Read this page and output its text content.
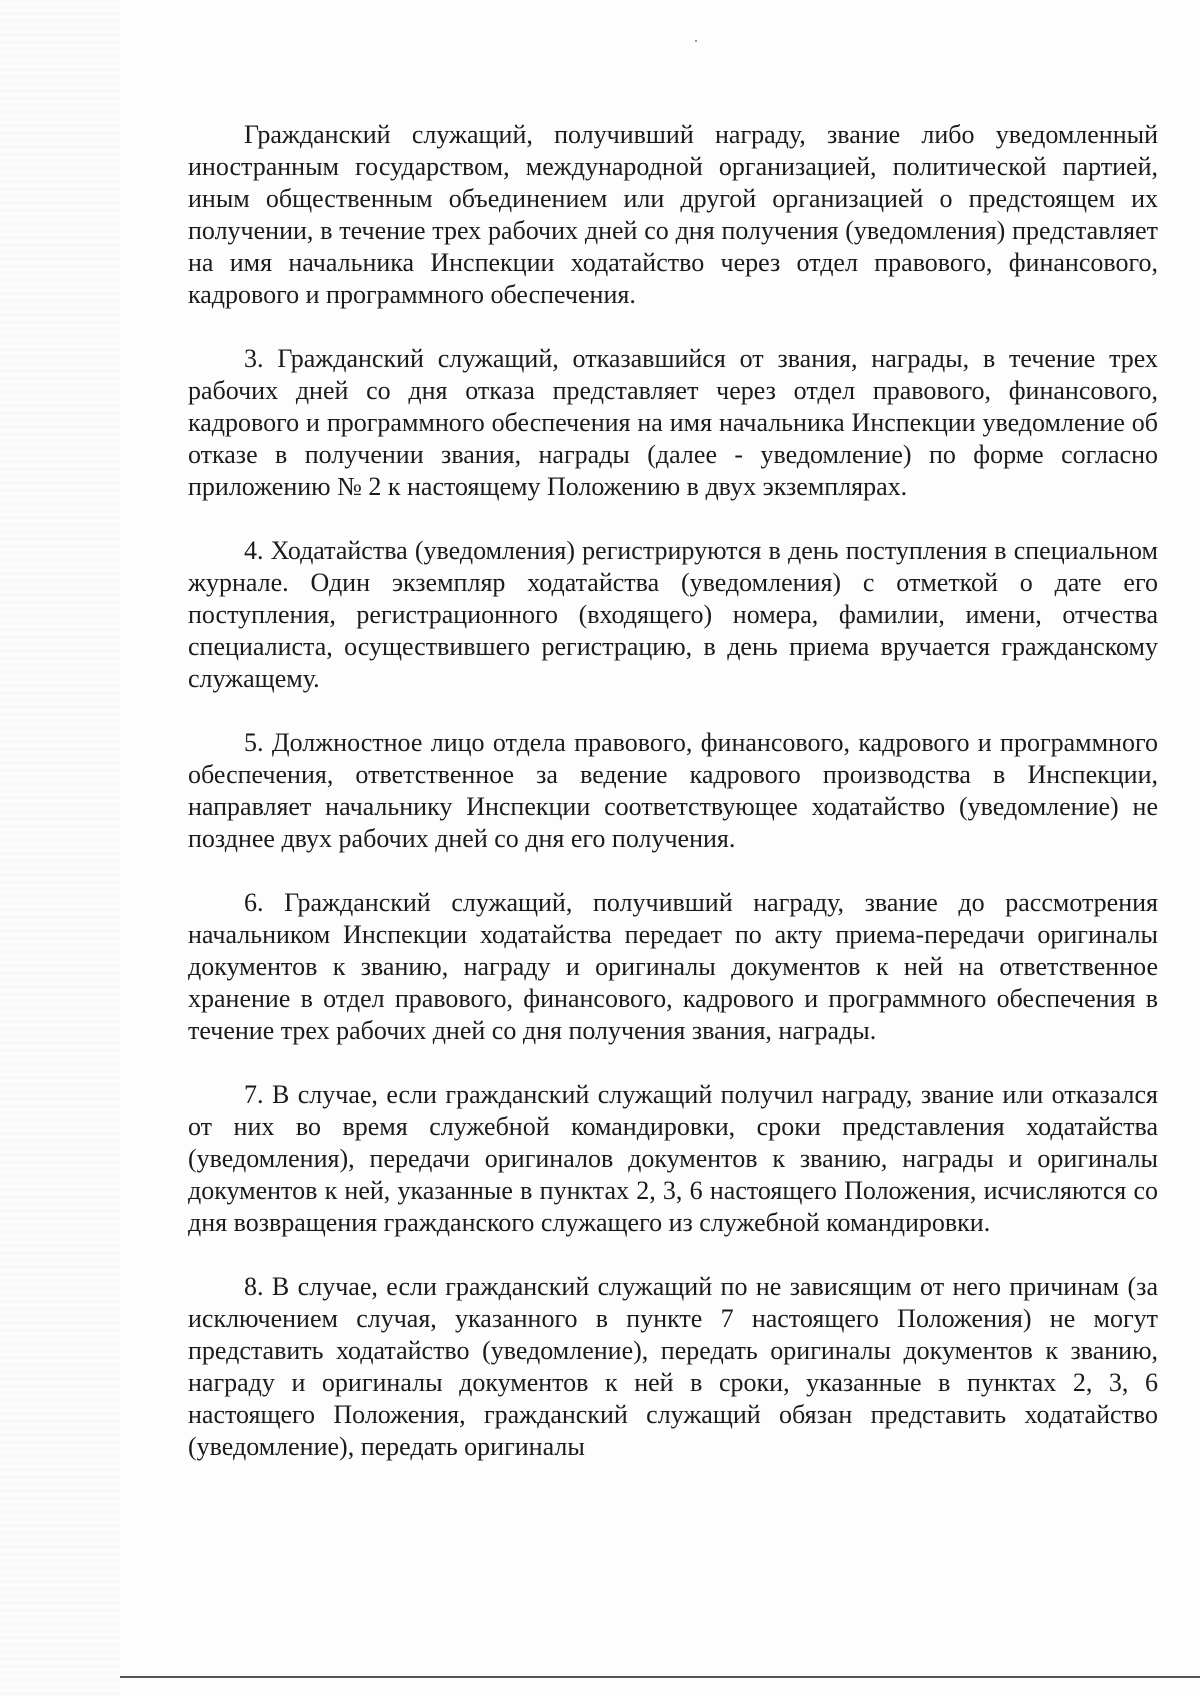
Гражданский служащий, получивший награду, звание либо уведомленный иностранным государством, международной организацией, политической партией, иным общественным объединением или другой организацией о предстоящем их получении, в течение трех рабочих дней со дня получения (уведомления) представляет на имя начальника Инспекции ходатайство через отдел правового, финансового, кадрового и программного обеспечения.

3. Гражданский служащий, отказавшийся от звания, награды, в течение трех рабочих дней со дня отказа представляет через отдел правового, финансового, кадрового и программного обеспечения на имя начальника Инспекции уведомление об отказе в получении звания, награды (далее - уведомление) по форме согласно приложению № 2 к настоящему Положению в двух экземплярах.

4. Ходатайства (уведомления) регистрируются в день поступления в специальном журнале. Один экземпляр ходатайства (уведомления) с отметкой о дате его поступления, регистрационного (входящего) номера, фамилии, имени, отчества специалиста, осуществившего регистрацию, в день приема вручается гражданскому служащему.

5. Должностное лицо отдела правового, финансового, кадрового и программного обеспечения, ответственное за ведение кадрового производства в Инспекции, направляет начальнику Инспекции соответствующее ходатайство (уведомление) не позднее двух рабочих дней со дня его получения.

6. Гражданский служащий, получивший награду, звание до рассмотрения начальником Инспекции ходатайства передает по акту приема-передачи оригиналы документов к званию, награду и оригиналы документов к ней на ответственное хранение в отдел правового, финансового, кадрового и программного обеспечения в течение трех рабочих дней со дня получения звания, награды.

7. В случае, если гражданский служащий получил награду, звание или отказался от них во время служебной командировки, сроки представления ходатайства (уведомления), передачи оригиналов документов к званию, награды и оригиналы документов к ней, указанные в пунктах 2, 3, 6 настоящего Положения, исчисляются со дня возвращения гражданского служащего из служебной командировки.

8. В случае, если гражданский служащий по не зависящим от него причинам (за исключением случая, указанного в пункте 7 настоящего Положения) не могут представить ходатайство (уведомление), передать оригиналы документов к званию, награду и оригиналы документов к ней в сроки, указанные в пунктах 2, 3, 6 настоящего Положения, гражданский служащий обязан представить ходатайство (уведомление), передать оригиналы
